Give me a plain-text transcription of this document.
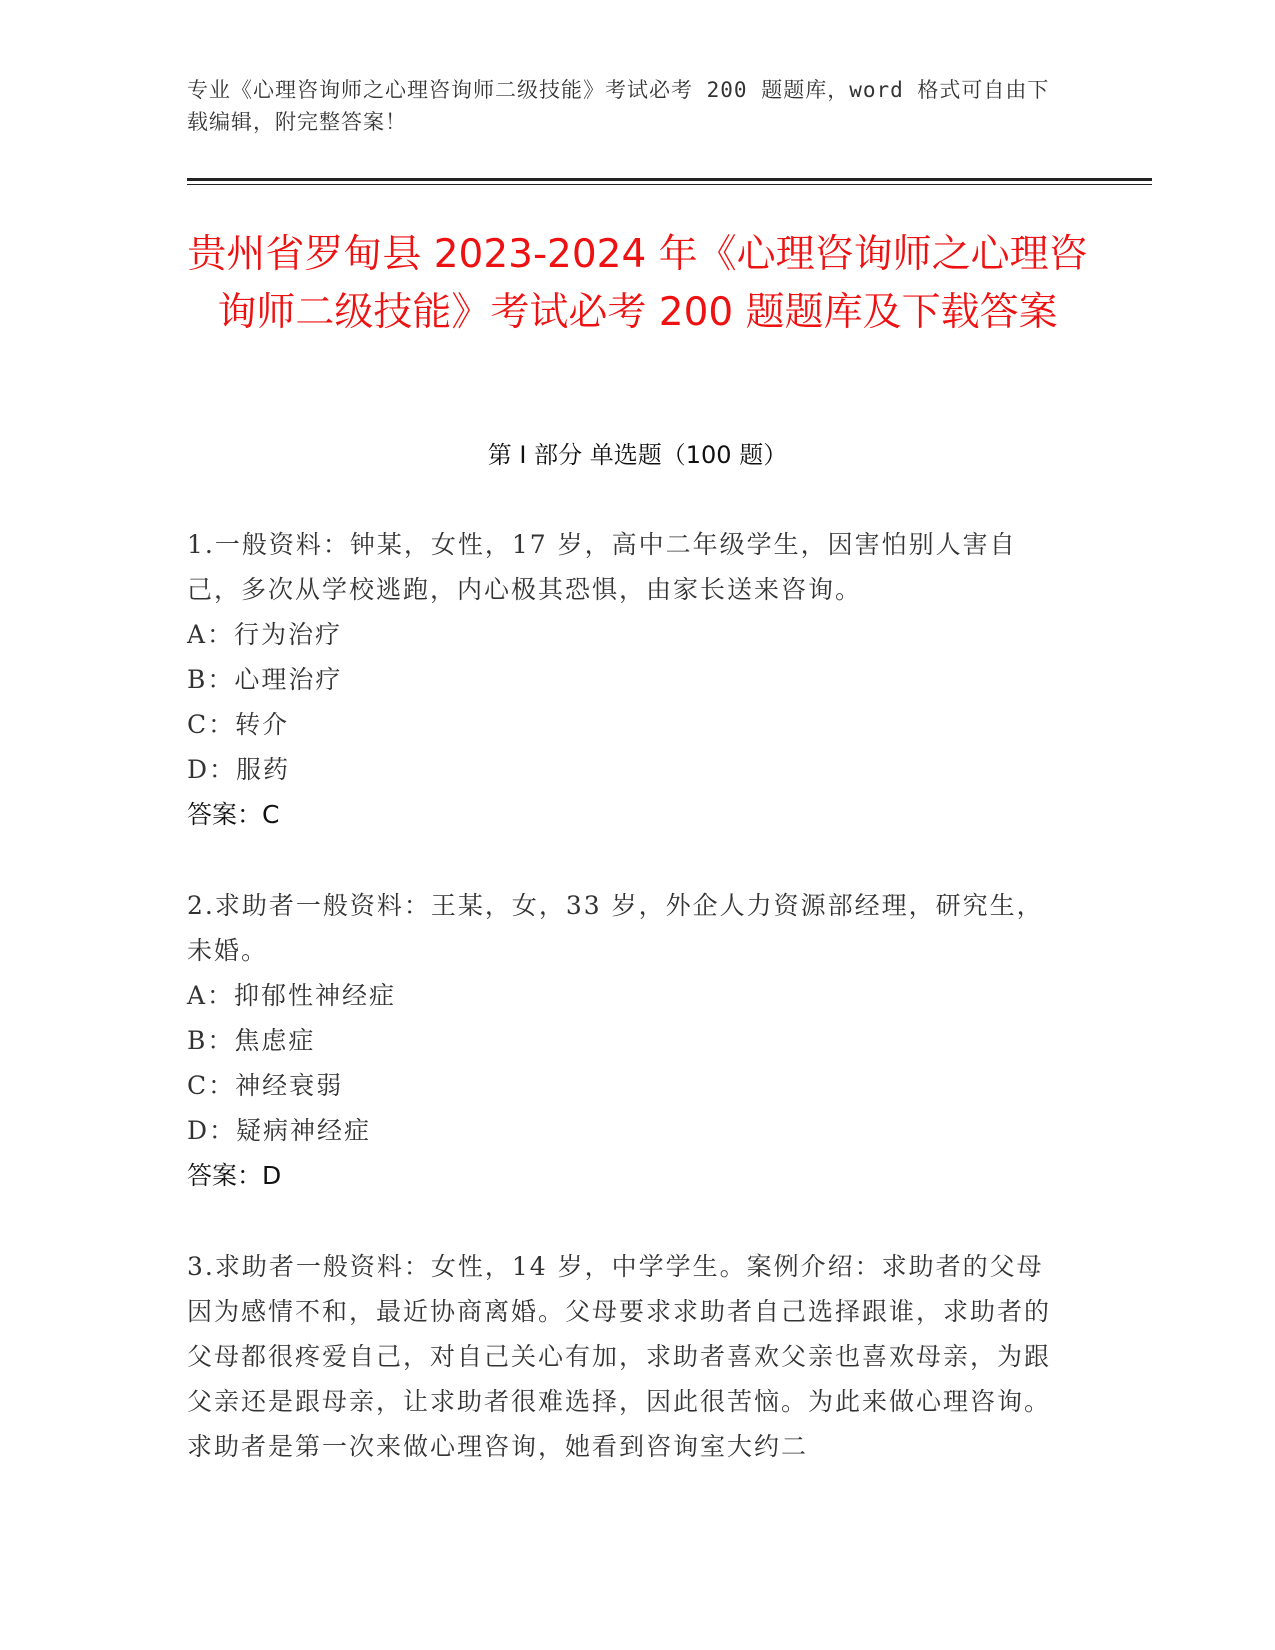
专业《心理咨询师之心理咨询师二级技能》考试必考 200 题题库，word 格式可自由下载编辑，附完整答案！

贵州省罗甸县 2023-2024 年《心理咨询师之心理咨询师二级技能》考试必考 200 题题库及下载答案
第 I 部分 单选题（100 题）

1.一般资料：钟某，女性，17 岁，高中二年级学生，因害怕别人害自己，多次从学校逃跑，内心极其恐惧，由家长送来咨询。

A：行为治疗

B：心理治疗

C：转介

D：服药

答案：C

2.求助者一般资料：王某，女，33 岁，外企人力资源部经理，研究生，未婚。

A：抑郁性神经症

B：焦虑症

C：神经衰弱

D：疑病神经症

答案：D

3.求助者一般资料：女性，14 岁，中学学生。案例介绍：求助者的父母因为感情不和，最近协商离婚。父母要求求助者自己选择跟谁，求助者的父母都很疼爱自己，对自己关心有加，求助者喜欢父亲也喜欢母亲，为跟父亲还是跟母亲，让求助者很难选择，因此很苦恼。为此来做心理咨询。求助者是第一次来做心理咨询，她看到咨询室大约二
